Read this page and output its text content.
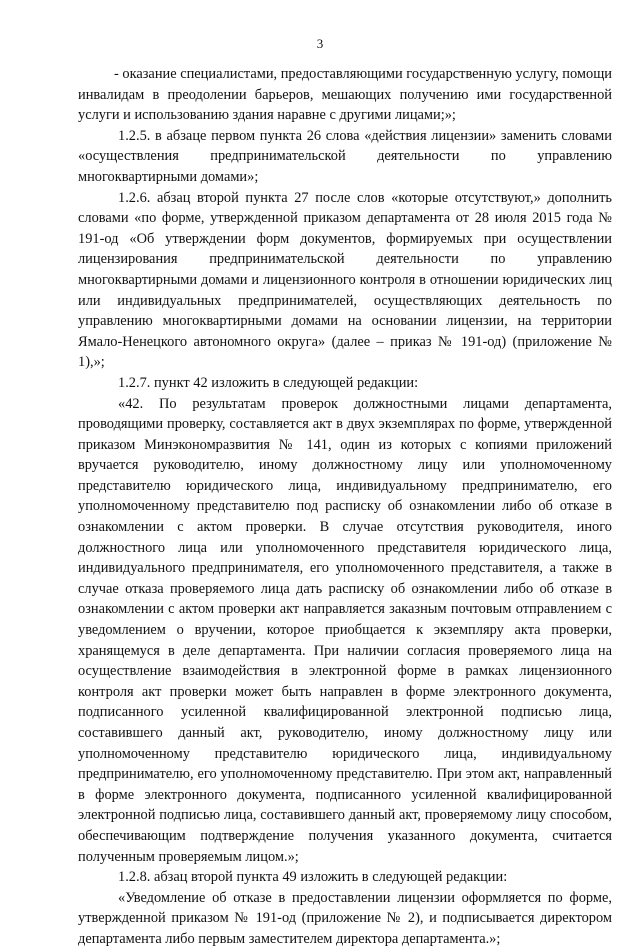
3

- оказание специалистами, предоставляющими государственную услугу, помощи инвалидам в преодолении барьеров, мешающих получению ими государственной услуги и использованию здания наравне с другими лицами;»;

1.2.5. в абзаце первом пункта 26 слова «действия лицензии» заменить словами «осуществления предпринимательской деятельности по управлению многоквартирными домами»;

1.2.6. абзац второй пункта 27 после слов «которые отсутствуют,» дополнить словами «по форме, утвержденной приказом департамента от 28 июля 2015 года № 191-од «Об утверждении форм документов, формируемых при осуществлении лицензирования предпринимательской деятельности по управлению многоквартирными домами и лицензионного контроля в отношении юридических лиц или индивидуальных предпринимателей, осуществляющих деятельность по управлению многоквартирными домами на основании лицензии, на территории Ямало-Ненецкого автономного округа» (далее – приказ № 191-од) (приложение № 1),»;

1.2.7. пункт 42 изложить в следующей редакции:

«42. По результатам проверок должностными лицами департамента, проводящими проверку, составляется акт в двух экземплярах по форме, утвержденной приказом Минэкономразвития № 141, один из которых с копиями приложений вручается руководителю, иному должностному лицу или уполномоченному представителю юридического лица, индивидуальному предпринимателю, его уполномоченному представителю под расписку об ознакомлении либо об отказе в ознакомлении с актом проверки. В случае отсутствия руководителя, иного должностного лица или уполномоченного представителя юридического лица, индивидуального предпринимателя, его уполномоченного представителя, а также в случае отказа проверяемого лица дать расписку об ознакомлении либо об отказе в ознакомлении с актом проверки акт направляется заказным почтовым отправлением с уведомлением о вручении, которое приобщается к экземпляру акта проверки, хранящемуся в деле департамента. При наличии согласия проверяемого лица на осуществление взаимодействия в электронной форме в рамках лицензионного контроля акт проверки может быть направлен в форме электронного документа, подписанного усиленной квалифицированной электронной подписью лица, составившего данный акт, руководителю, иному должностному лицу или уполномоченному представителю юридического лица, индивидуальному предпринимателю, его уполномоченному представителю. При этом акт, направленный в форме электронного документа, подписанного усиленной квалифицированной электронной подписью лица, составившего данный акт, проверяемому лицу способом, обеспечивающим подтверждение получения указанного документа, считается полученным проверяемым лицом.»;

1.2.8. абзац второй пункта 49 изложить в следующей редакции:

«Уведомление об отказе в предоставлении лицензии оформляется по форме, утвержденной приказом № 191-од (приложение № 2), и подписывается директором департамента либо первым заместителем директора департамента.»;
